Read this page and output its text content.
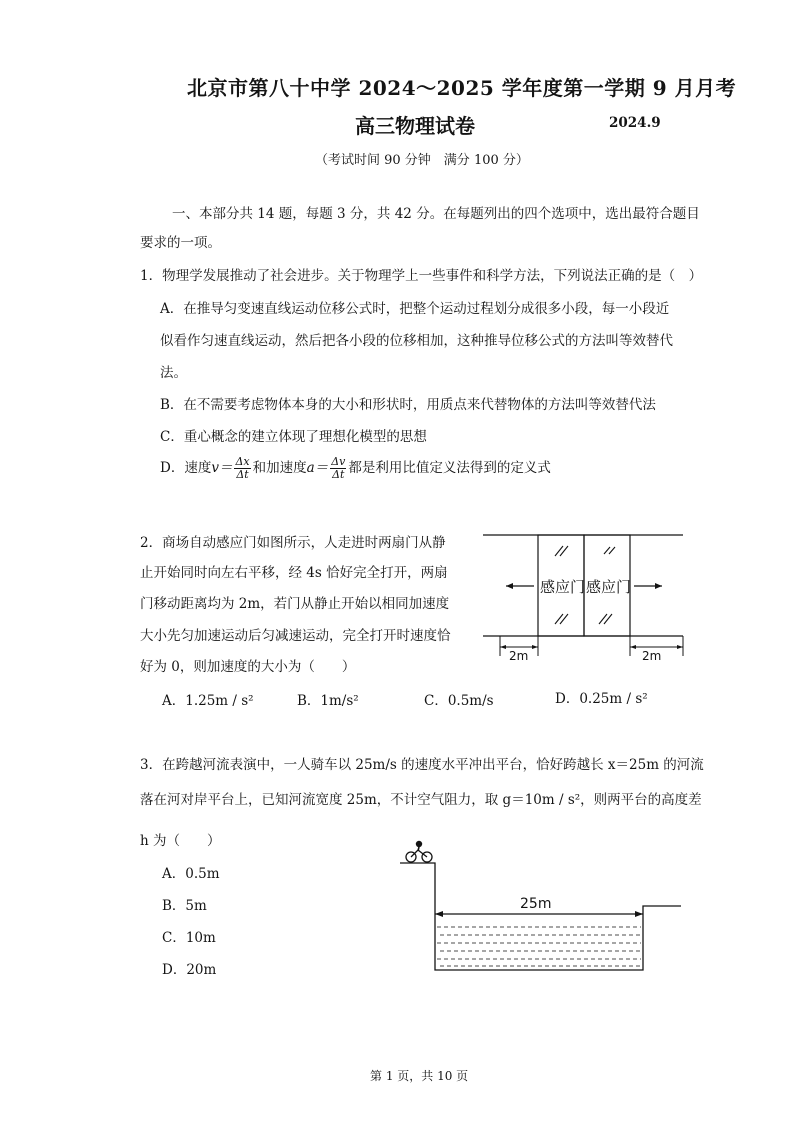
北京市第八十中学 2024～2025 学年度第一学期 9 月月考
高三物理试卷	2024.9
（考试时间 90 分钟　满分 100 分）
一、本部分共 14 题，每题 3 分，共 42 分。在每题列出的四个选项中，选出最符合题目
要求的一项。
1．物理学发展推动了社会进步。关于物理学上一些事件和科学方法，下列说法正确的是（　）
A．在推导匀变速直线运动位移公式时，把整个运动过程划分成很多小段，每一小段近
似看作匀速直线运动，然后把各小段的位移相加，这种推导位移公式的方法叫等效替代
法。
B．在不需要考虑物体本身的大小和形状时，用质点来代替物体的方法叫等效替代法
C．重心概念的建立体现了理想化模型的思想
D．速度$v= \frac{\Delta x}{\Delta t}$ 和加速度$a= \frac{\Delta v}{\Delta t}$ 都是利用比值定义法得到的定义式
2．商场自动感应门如图所示，人走进时两扇门从静
止开始同时向左右平移，经 4s 恰好完全打开，两扇
门移动距离均为 2m，若门从静止开始以相同加速度
大小先匀加速运动后匀减速运动，完全打开时速度恰
好为 0，则加速度的大小为（　　）
A．1.25m / s²	B．1m/s²	C．0.5m/s	D．0.25m / s²
感应门 感应门
2m	2m
3．在跨越河流表演中，一人骑车以 25m/s 的速度水平冲出平台，恰好跨越长 x＝25m 的河流
落在河对岸平台上，已知河流宽度 25m，不计空气阻力，取 g＝10m / s²，则两平台的高度差
h 为（　　）
A．0.5m
B．5m
C．10m
D．20m
25m
第 1 页，共 10 页
